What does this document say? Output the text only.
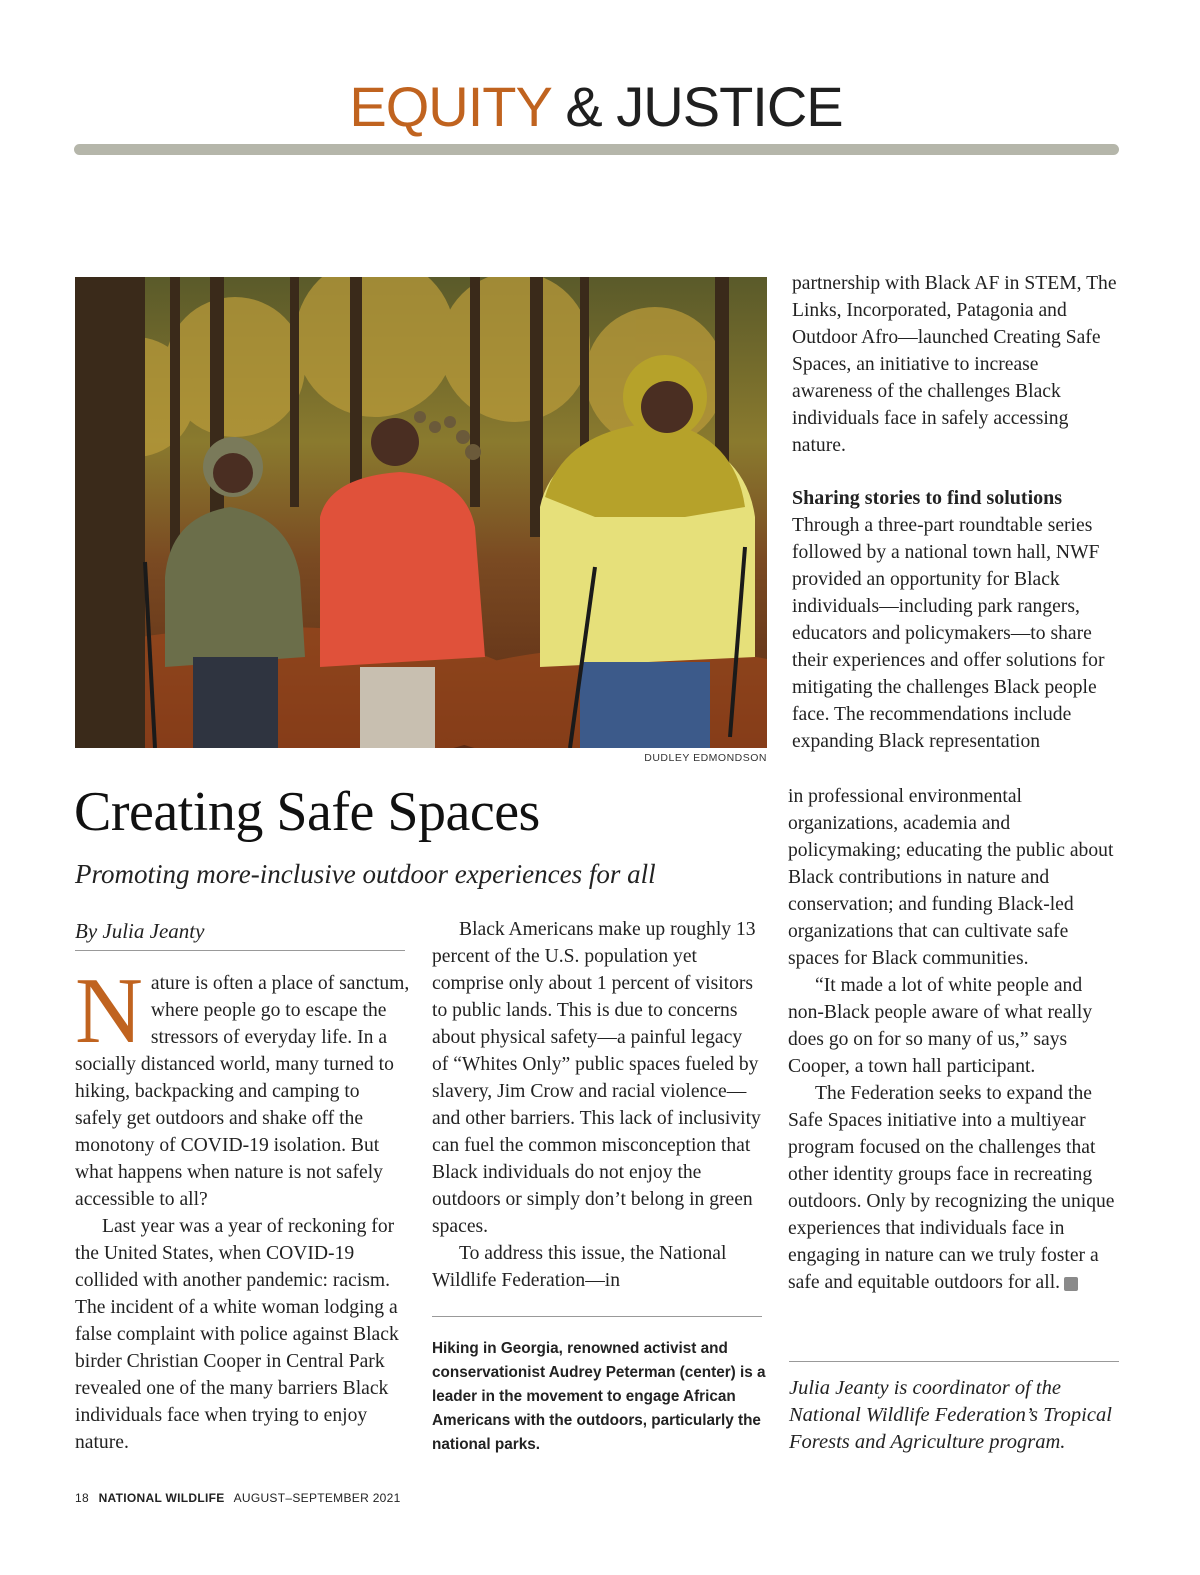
EQUITY & JUSTICE
DUDLEY EDMONDSON
Creating Safe Spaces
Promoting more-inclusive outdoor experiences for all
By Julia Jeanty

Nature is often a place of sanctum, where people go to escape the stressors of everyday life. In a socially distanced world, many turned to hiking, backpacking and camping to safely get outdoors and shake off the monotony of COVID-19 isolation. But what happens when nature is not safely accessible to all?

Last year was a year of reckoning for the United States, when COVID-19 collided with another pandemic: racism. The incident of a white woman lodging a false complaint with police against Black birder Christian Cooper in Central Park revealed one of the many barriers Black individuals face when trying to enjoy nature.

Black Americans make up roughly 13 percent of the U.S. population yet comprise only about 1 percent of visitors to public lands. This is due to concerns about physical safety—a painful legacy of “Whites Only” public spaces fueled by slavery, Jim Crow and racial violence—and other barriers. This lack of inclusivity can fuel the common misconception that Black individuals do not enjoy the outdoors or simply don’t belong in green spaces.

To address this issue, the National Wildlife Federation—in

Hiking in Georgia, renowned activist and conservationist Audrey Peterman (center) is a leader in the movement to engage African Americans with the outdoors, particularly the national parks.

partnership with Black AF in STEM, The Links, Incorporated, Patagonia and Outdoor Afro—launched Creating Safe Spaces, an initiative to increase awareness of the challenges Black individuals face in safely accessing nature.

Sharing stories to find solutions

Through a three-part roundtable series followed by a national town hall, NWF provided an opportunity for Black individuals—including park rangers, educators and policymakers—to share their experiences and offer solutions for mitigating the challenges Black people face. The recommendations include expanding Black representation

in professional environmental organizations, academia and policymaking; educating the public about Black contributions in nature and conservation; and funding Black-led organizations that can cultivate safe spaces for Black communities.

“It made a lot of white people and non-Black people aware of what really does go on for so many of us,” says Cooper, a town hall participant.

The Federation seeks to expand the Safe Spaces initiative into a multiyear program focused on the challenges that other identity groups face in recreating outdoors. Only by recognizing the unique experiences that individuals face in engaging in nature can we truly foster a safe and equitable outdoors for all.	W

Julia Jeanty is coordinator of the National Wildlife Federation’s Tropical Forests and Agriculture program.
18 NATIONAL WILDLIFE AUGUST–SEPTEMBER 2021
